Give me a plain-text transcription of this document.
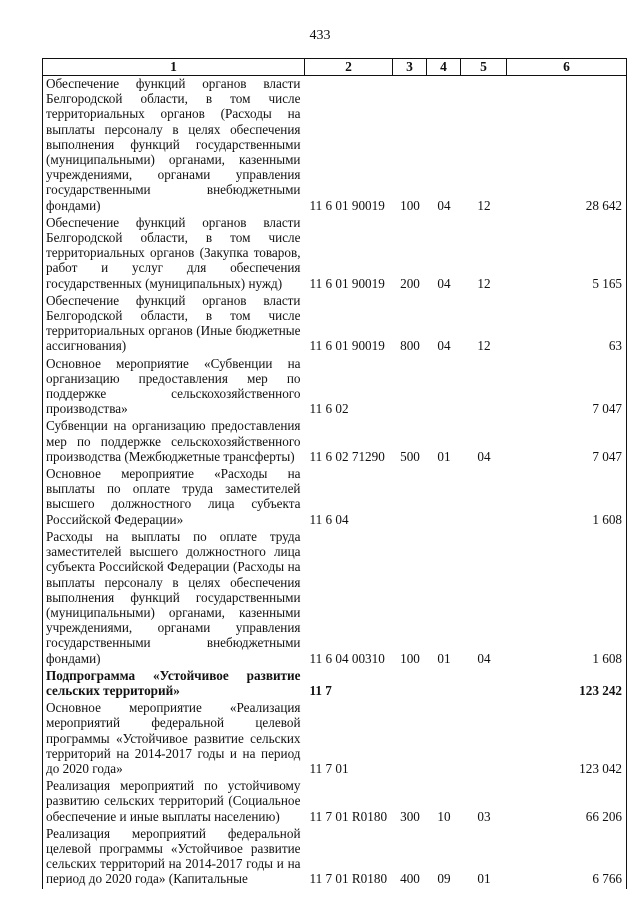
433
1	2	3	4	5	6
Обеспечение функций органов власти Белгородской области, в том числе территориальных органов (Расходы на выплаты персоналу в целях обеспечения выполнения функций государственными (муниципальными) органами, казенными учреждениями, органами управления государственными внебюджетными фондами)	11 6 01 90019	100	04	12	28 642
Обеспечение функций органов власти Белгородской области, в том числе территориальных органов (Закупка товаров, работ и услуг для обеспечения государственных (муниципальных) нужд)	11 6 01 90019	200	04	12	5 165
Обеспечение функций органов власти Белгородской области, в том числе территориальных органов (Иные бюджетные ассигнования)	11 6 01 90019	800	04	12	63
Основное мероприятие «Субвенции на организацию предоставления мер по поддержке сельскохозяйственного производства»	11 6 02				7 047
Субвенции на организацию предоставления мер по поддержке сельскохозяйственного производства (Межбюджетные трансферты)	11 6 02 71290	500	01	04	7 047
Основное мероприятие «Расходы на выплаты по оплате труда заместителей высшего должностного лица субъекта Российской Федерации»	11 6 04				1 608
Расходы на выплаты по оплате труда заместителей высшего должностного лица субъекта Российской Федерации (Расходы на выплаты персоналу в целях обеспечения выполнения функций государственными (муниципальными) органами, казенными учреждениями, органами управления государственными внебюджетными фондами)	11 6 04 00310	100	01	04	1 608
Подпрограмма «Устойчивое развитие сельских территорий»	11 7				123 242
Основное мероприятие «Реализация мероприятий федеральной целевой программы «Устойчивое развитие сельских территорий на 2014-2017 годы и на период до 2020 года»	11 7 01				123 042
Реализация мероприятий по устойчивому развитию сельских территорий (Социальное обеспечение и иные выплаты населению)	11 7 01 R0180	300	10	03	66 206
Реализация мероприятий федеральной целевой программы «Устойчивое развитие сельских территорий на 2014-2017 годы и на период до 2020 года» (Капитальные	11 7 01 R0180	400	09	01	6 766
